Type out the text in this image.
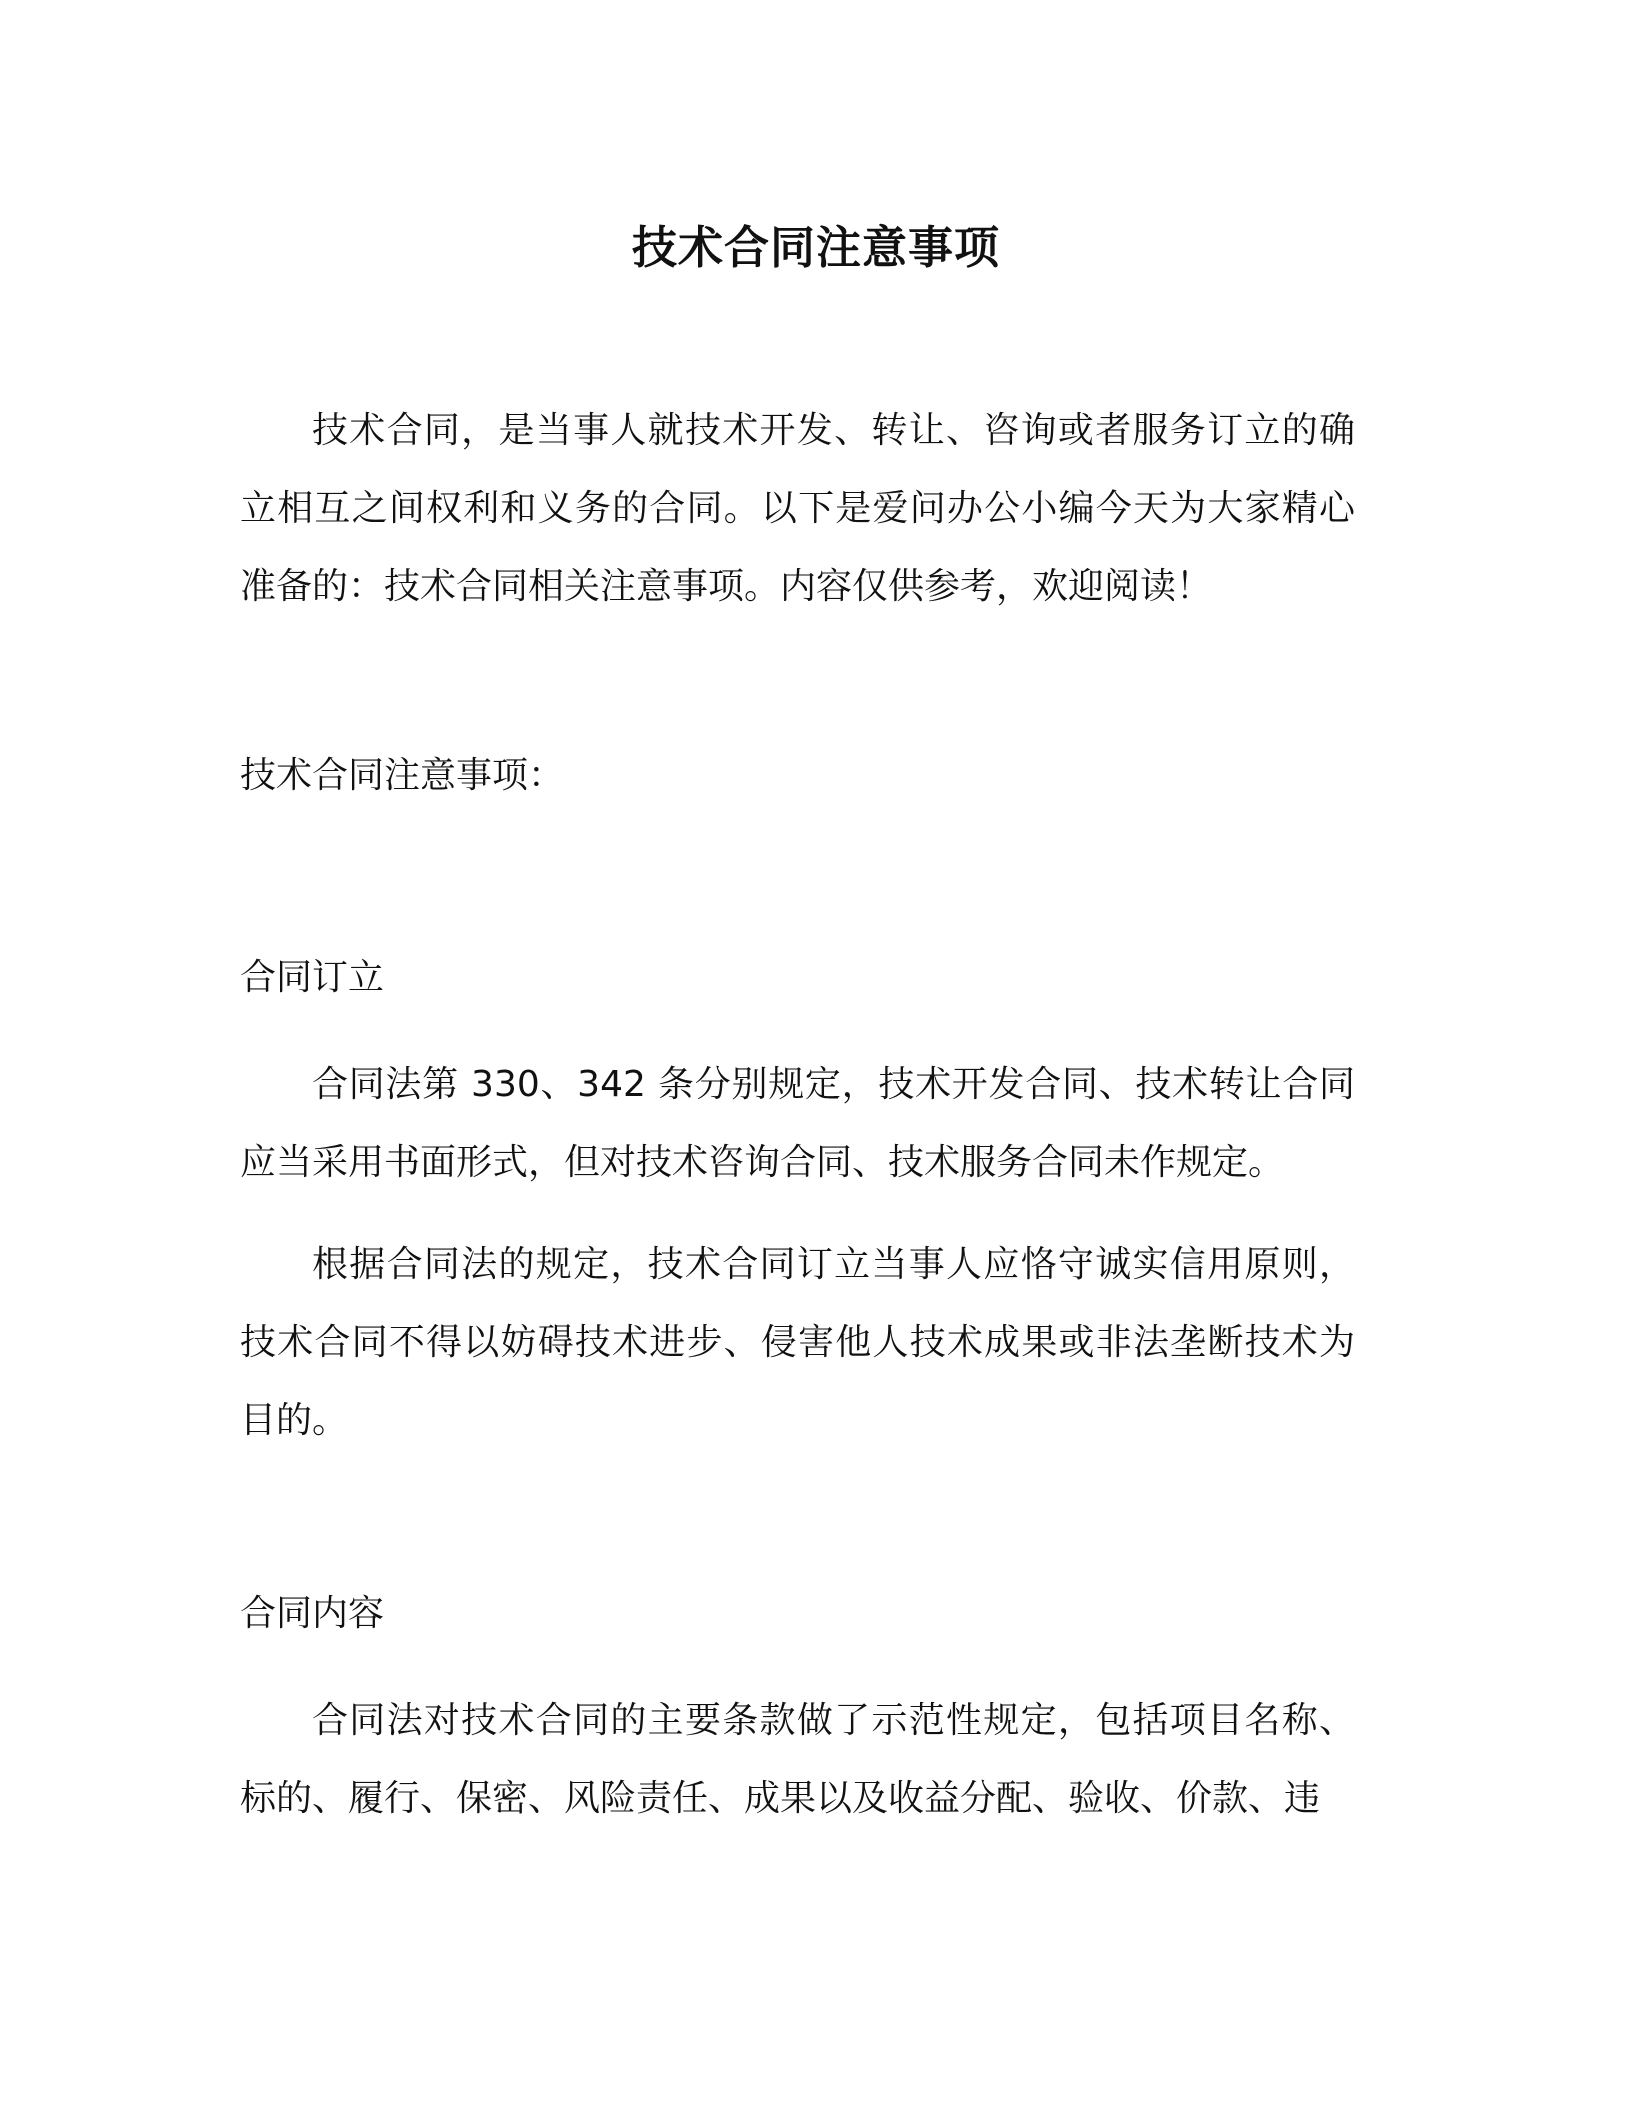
技术合同注意事项

技术合同，是当事人就技术开发、转让、咨询或者服务订立的确立相互之间权利和义务的合同。以下是爱问办公小编今天为大家精心准备的：技术合同相关注意事项。内容仅供参考，欢迎阅读！

技术合同注意事项：

合同订立

合同法第 330、342 条分别规定，技术开发合同、技术转让合同应当采用书面形式，但对技术咨询合同、技术服务合同未作规定。

根据合同法的规定，技术合同订立当事人应恪守诚实信用原则，技术合同不得以妨碍技术进步、侵害他人技术成果或非法垄断技术为目的。

合同内容

合同法对技术合同的主要条款做了示范性规定，包括项目名称、标的、履行、保密、风险责任、成果以及收益分配、验收、价款、违
